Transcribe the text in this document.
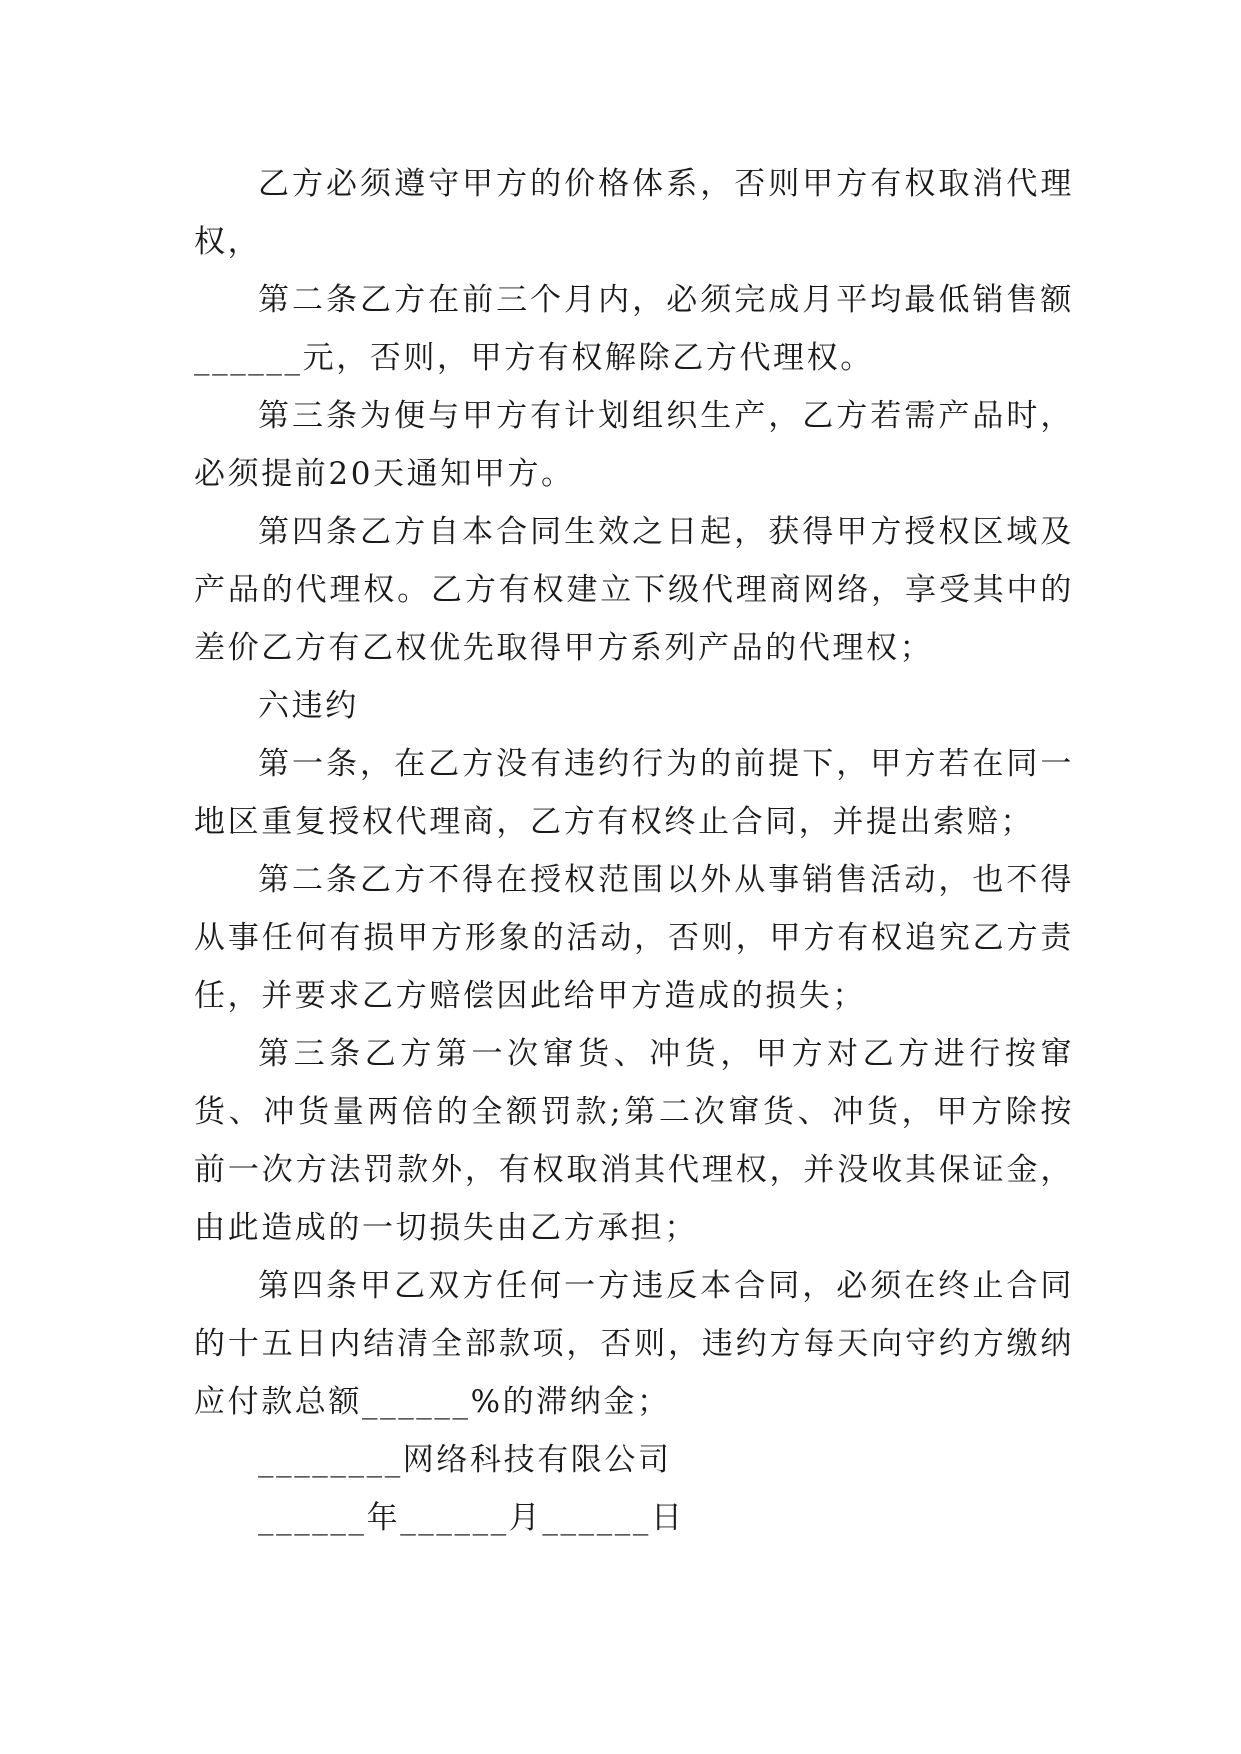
乙方必须遵守甲方的价格体系，否则甲方有权取消代理权，

第二条乙方在前三个月内，必须完成月平均最低销售额______元，否则，甲方有权解除乙方代理权。

第三条为便与甲方有计划组织生产，乙方若需产品时，必须提前20天通知甲方。

第四条乙方自本合同生效之日起，获得甲方授权区域及产品的代理权。乙方有权建立下级代理商网络，享受其中的差价乙方有乙权优先取得甲方系列产品的代理权；

六违约

第一条，在乙方没有违约行为的前提下，甲方若在同一地区重复授权代理商，乙方有权终止合同，并提出索赔；

第二条乙方不得在授权范围以外从事销售活动，也不得从事任何有损甲方形象的活动，否则，甲方有权追究乙方责任，并要求乙方赔偿因此给甲方造成的损失；

第三条乙方第一次窜货、冲货，甲方对乙方进行按窜货、冲货量两倍的全额罚款;第二次窜货、冲货，甲方除按前一次方法罚款外，有权取消其代理权，并没收其保证金，由此造成的一切损失由乙方承担；

第四条甲乙双方任何一方违反本合同，必须在终止合同的十五日内结清全部款项，否则，违约方每天向守约方缴纳应付款总额______%的滞纳金；

________网络科技有限公司

______年______月______日
